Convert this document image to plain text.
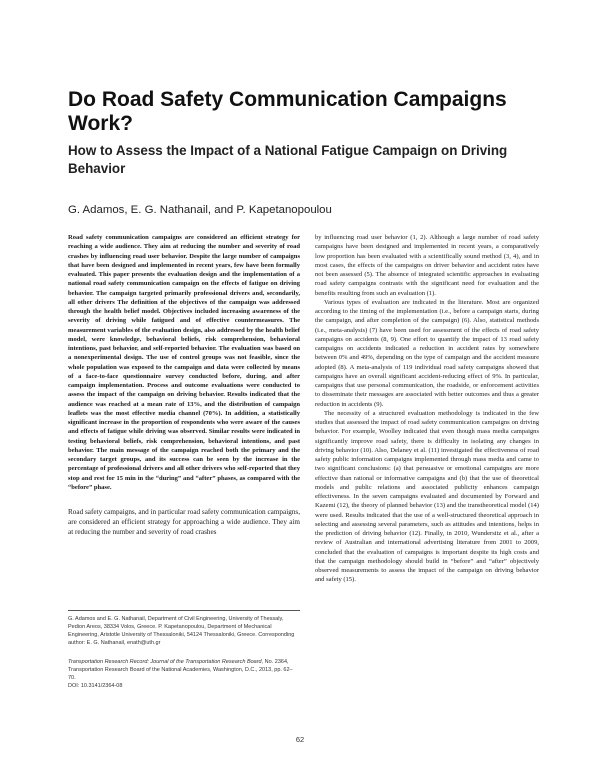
Do Road Safety Communication Campaigns Work?
How to Assess the Impact of a National Fatigue Campaign on Driving Behavior

G. Adamos, E. G. Nathanail, and P. Kapetanopoulou

Road safety communication campaigns are considered an efficient strategy for reaching a wide audience. They aim at reducing the number and severity of road crashes by influencing road user behavior. Despite the large number of campaigns that have been designed and implemented in recent years, few have been formally evaluated. This paper presents the evaluation design and the implementation of a national road safety communication campaign on the effects of fatigue on driving behavior. The campaign targeted primarily professional drivers and, secondarily, all other drivers The definition of the objectives of the campaign was addressed through the health belief model. Objectives included increasing awareness of the severity of driving while fatigued and of effective countermeasures. The measurement variables of the evaluation design, also addressed by the health belief model, were knowledge, behavioral beliefs, risk comprehension, behavioral intentions, past behavior, and self-reported behavior. The evaluation was based on a nonexperimental design. The use of control groups was not feasible, since the whole population was exposed to the campaign and data were collected by means of a face-to-face questionnaire survey conducted before, during, and after campaign implementation. Process and outcome evaluations were conducted to assess the impact of the campaign on driving behavior. Results indicated that the audience was reached at a mean rate of 13%, and the distribution of campaign leaflets was the most effective media channel (70%). In addition, a statistically significant increase in the proportion of respondents who were aware of the causes and effects of fatigue while driving was observed. Similar results were indicated in testing behavioral beliefs, risk comprehension, behavioral intentions, and past behavior. The main message of the campaign reached both the primary and the secondary target groups, and its success can be seen by the increase in the percentage of professional drivers and all other drivers who self-reported that they stop and rest for 15 min in the “during” and “after” phases, as compared with the “before” phase.

Road safety campaigns, and in particular road safety communication campaigns, are considered an efficient strategy for approaching a wide audience. They aim at reducing the number and severity of road crashes

G. Adamos and E. G. Nathanail, Department of Civil Engineering, University of Thessaly, Pedion Areos, 38334 Volos, Greece. P. Kapetanopoulou, Department of Mechanical Engineering, Aristotle University of Thessaloniki, 54124 Thessaloniki, Greece. Corresponding author: E. G. Nathanail, enath@uth.gr

Transportation Research Record: Journal of the Transportation Research Board, No. 2364, Transportation Research Board of the National Academies, Washington, D.C., 2013, pp. 62–70.
DOI: 10.3141/2364-08

by influencing road user behavior (1, 2). Although a large number of road safety campaigns have been designed and implemented in recent years, a comparatively low proportion has been evaluated with a scientifically sound method (3, 4), and in most cases, the effects of the campaigns on driver behavior and accident rates have not been assessed (5). The absence of integrated scientific approaches in evaluating road safety campaigns contrasts with the significant need for evaluation and the benefits resulting from such an evaluation (1).

Various types of evaluation are indicated in the literature. Most are organized according to the timing of the implementation (i.e., before a campaign starts, during the campaign, and after completion of the campaign) (6). Also, statistical methods (i.e., meta-analysis) (7) have been used for assessment of the effects of road safety campaigns on accidents (8, 9). One effort to quantify the impact of 13 road safety campaigns on accidents indicated a reduction in accident rates by somewhere between 0% and 49%, depending on the type of campaign and the accident measure adopted (8). A meta-analysis of 119 individual road safety campaigns showed that campaigns have an overall significant accident-reducing effect of 9%. In particular, campaigns that use personal communication, the roadside, or enforcement activities to disseminate their messages are associated with better outcomes and thus a greater reduction in accidents (9).

The necessity of a structured evaluation methodology is indicated in the few studies that assessed the impact of road safety communication campaigns on driving behavior. For example, Woolley indicated that even though mass media campaigns significantly improve road safety, there is difficulty in isolating any changes in driving behavior (10). Also, Delaney et al. (11) investigated the effectiveness of road safety public information campaigns implemented through mass media and came to two significant conclusions: (a) that persuasive or emotional campaigns are more effective than rational or informative campaigns and (b) that the use of theoretical models and public relations and associated publicity enhances campaign effectiveness. In the seven campaigns evaluated and documented by Forward and Kazemi (12), the theory of planned behavior (13) and the transtheoretical model (14) were used. Results indicated that the use of a well-structured theoretical approach in selecting and assessing several parameters, such as attitudes and intentions, helps in the prediction of driving behavior (12). Finally, in 2010, Wundersitz et al., after a review of Australian and international advertising literature from 2001 to 2009, concluded that the evaluation of campaigns is important despite its high costs and that the campaign methodology should build in “before” and “after” objectively observed measurements to assess the impact of the campaign on driving behavior and safety (15).

62
